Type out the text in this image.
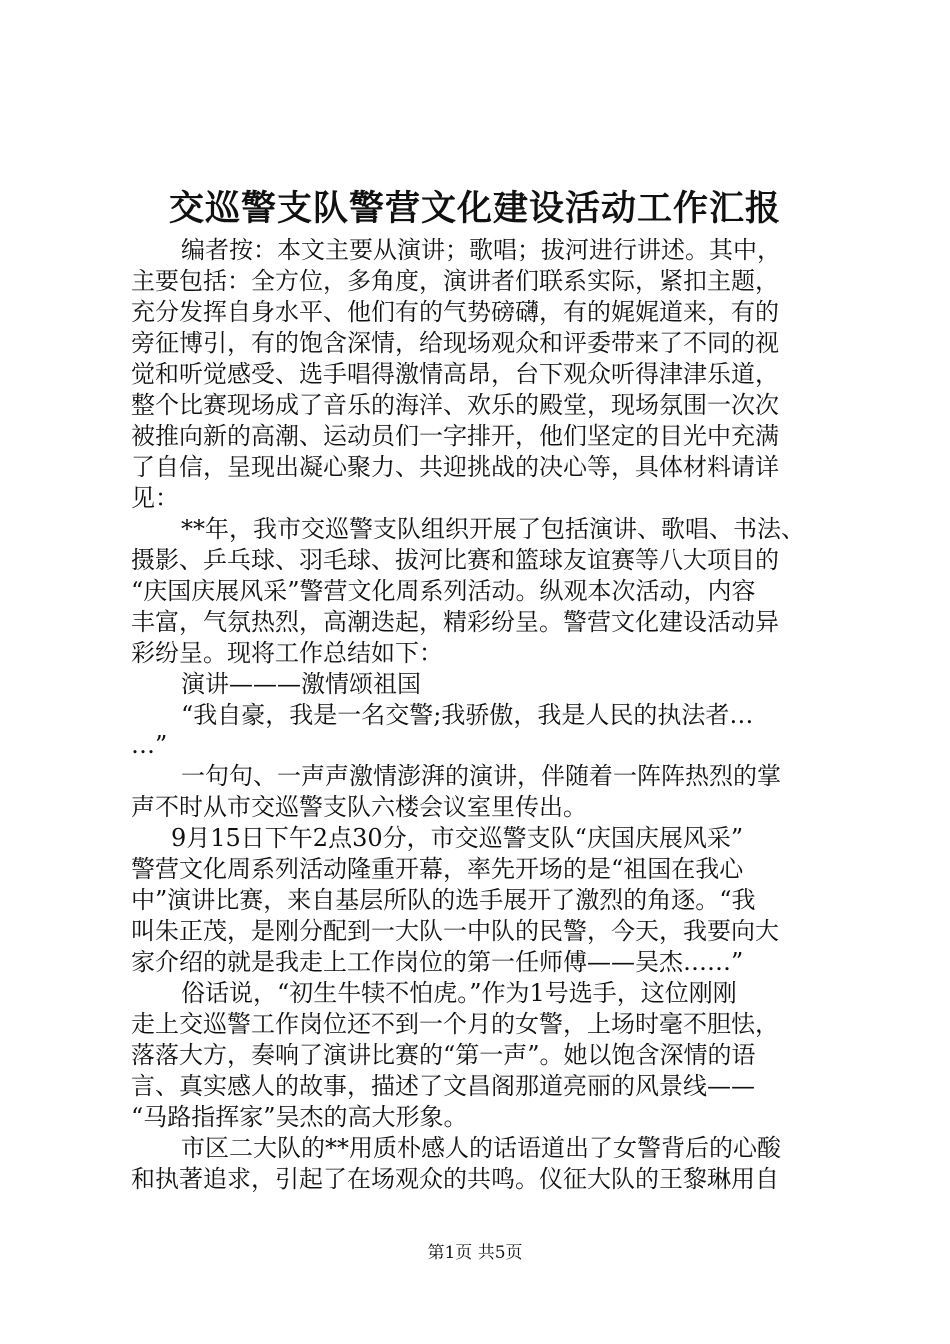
交巡警支队警营文化建设活动工作汇报
编者按：本文主要从演讲；歌唱；拔河进行讲述。其中，
主要包括：全方位，多角度，演讲者们联系实际，紧扣主题，
充分发挥自身水平、他们有的气势磅礴，有的娓娓道来，有的
旁征博引，有的饱含深情，给现场观众和评委带来了不同的视
觉和听觉感受、选手唱得激情高昂，台下观众听得津津乐道，
整个比赛现场成了音乐的海洋、欢乐的殿堂，现场氛围一次次
被推向新的高潮、运动员们一字排开，他们坚定的目光中充满
了自信，呈现出凝心聚力、共迎挑战的决心等，具体材料请详
见：
**年，我市交巡警支队组织开展了包括演讲、歌唱、书法、
摄影、乒乓球、羽毛球、拔河比赛和篮球友谊赛等八大项目的
“庆国庆展风采”警营文化周系列活动。纵观本次活动，内容
丰富，气氛热烈，高潮迭起，精彩纷呈。警营文化建设活动异
彩纷呈。现将工作总结如下：
演讲———激情颂祖国
“我自豪，我是一名交警;我骄傲，我是人民的执法者…
…”
一句句、一声声激情澎湃的演讲，伴随着一阵阵热烈的掌
声不时从市交巡警支队六楼会议室里传出。
9月15日下午2点30分，市交巡警支队“庆国庆展风采”
警营文化周系列活动隆重开幕，率先开场的是“祖国在我心
中”演讲比赛，来自基层所队的选手展开了激烈的角逐。“我
叫朱正茂，是刚分配到一大队一中队的民警，今天，我要向大
家介绍的就是我走上工作岗位的第一任师傅——吴杰……”
俗话说，“初生牛犊不怕虎。”作为1号选手，这位刚刚
走上交巡警工作岗位还不到一个月的女警，上场时毫不胆怯，
落落大方，奏响了演讲比赛的“第一声”。她以饱含深情的语
言、真实感人的故事，描述了文昌阁那道亮丽的风景线——
“马路指挥家”吴杰的高大形象。
市区二大队的**用质朴感人的话语道出了女警背后的心酸
和执著追求，引起了在场观众的共鸣。仪征大队的王黎琳用自
第1页 共5页
